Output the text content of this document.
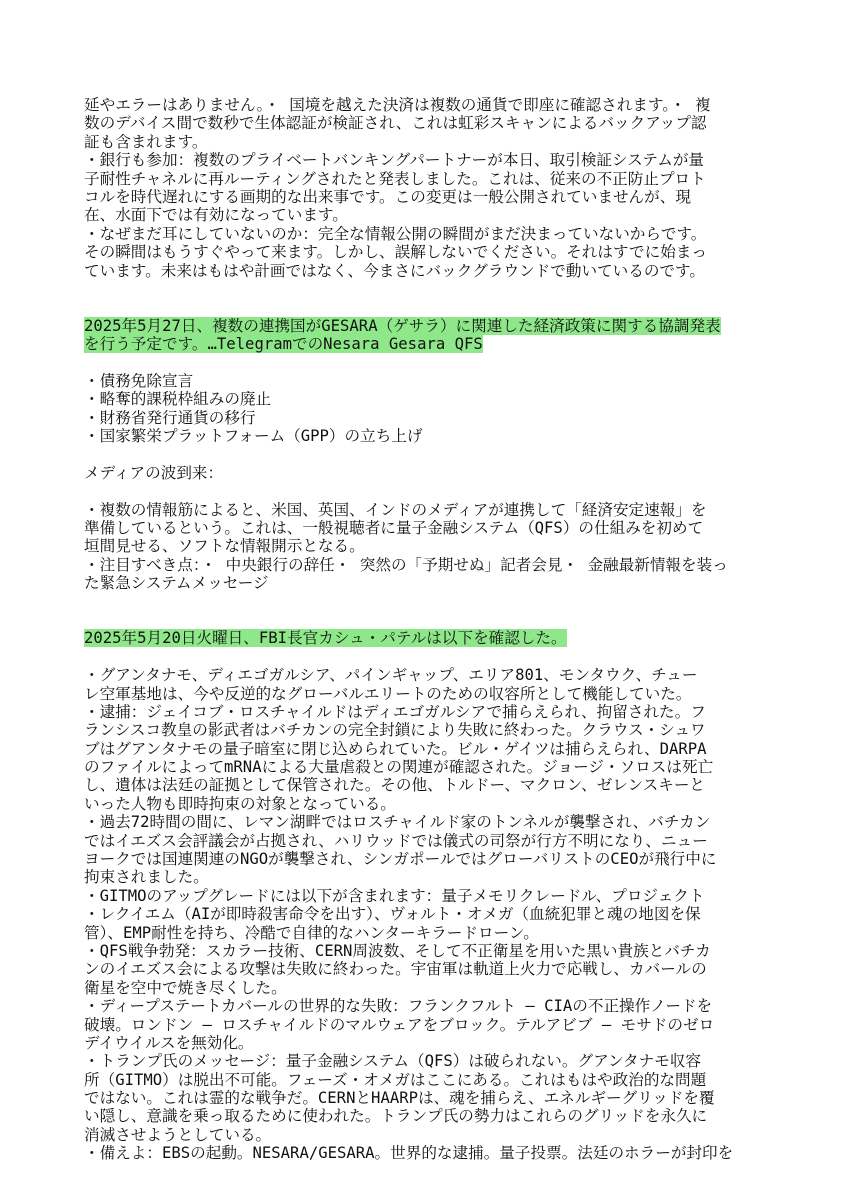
延やエラーはありません。・ 国境を越えた決済は複数の通貨で即座に確認されます。・ 複
数のデバイス間で数秒で生体認証が検証され、これは虹彩スキャンによるバックアップ認
証も含まれます。
・銀行も参加：複数のプライベートバンキングパートナーが本日、取引検証システムが量
子耐性チャネルに再ルーティングされたと発表しました。これは、従来の不正防止プロト
コルを時代遅れにする画期的な出来事です。この変更は一般公開されていませんが、現
在、水面下では有効になっています。
・なぜまだ耳にしていないのか：完全な情報公開の瞬間がまだ決まっていないからです。
その瞬間はもうすぐやって来ます。しかし、誤解しないでください。それはすでに始まっ
ています。未来はもはや計画ではなく、今まさにバックグラウンドで動いているのです。
2025年5月27日、複数の連携国がGESARA（ゲサラ）に関連した経済政策に関する協調発表
を行う予定です。…TelegramでのNesara Gesara QFS
・債務免除宣言
・略奪的課税枠組みの廃止
・財務省発行通貨の移行
・国家繁栄プラットフォーム（GPP）の立ち上げ
メディアの波到来：
・複数の情報筋によると、米国、英国、インドのメディアが連携して「経済安定速報」を
準備しているという。これは、一般視聴者に量子金融システム（QFS）の仕組みを初めて
垣間見せる、ソフトな情報開示となる。
・注目すべき点：・ 中央銀行の辞任・ 突然の「予期せぬ」記者会見・ 金融最新情報を装っ
た緊急システムメッセージ
2025年5月20日火曜日、FBI長官カシュ・パテルは以下を確認した。
・グアンタナモ、ディエゴガルシア、パインギャップ、エリア801、モンタウク、チュー
レ空軍基地は、今や反逆的なグローバルエリートのための収容所として機能していた。
・逮捕：ジェイコブ・ロスチャイルドはディエゴガルシアで捕らえられ、拘留された。フ
ランシスコ教皇の影武者はバチカンの完全封鎖により失敗に終わった。クラウス・シュワ
ブはグアンタナモの量子暗室に閉じ込められていた。ビル・ゲイツは捕らえられ、DARPA
のファイルによってmRNAによる大量虐殺との関連が確認された。ジョージ・ソロスは死亡
し、遺体は法廷の証拠として保管された。その他、トルドー、マクロン、ゼレンスキーと
いった人物も即時拘束の対象となっている。
・過去72時間の間に、レマン湖畔ではロスチャイルド家のトンネルが襲撃され、バチカン
ではイエズス会評議会が占拠され、ハリウッドでは儀式の司祭が行方不明になり、ニュー
ヨークでは国連関連のNGOが襲撃され、シンガポールではグローバリストのCEOが飛行中に
拘束されました。
・GITMOのアップグレードには以下が含まれます：量子メモリクレードル、プロジェクト
・レクイエム（AIが即時殺害命令を出す）、ヴォルト・オメガ（血統犯罪と魂の地図を保
管）、EMP耐性を持ち、冷酷で自律的なハンターキラードローン。
・QFS戦争勃発：スカラー技術、CERN周波数、そして不正衛星を用いた黒い貴族とバチカ
ンのイエズス会による攻撃は失敗に終わった。宇宙軍は軌道上火力で応戦し、カバールの
衛星を空中で焼き尽くした。
・ディープステートカバールの世界的な失敗：フランクフルト – CIAの不正操作ノードを
破壊。ロンドン – ロスチャイルドのマルウェアをブロック。テルアビブ – モサドのゼロ
デイウイルスを無効化。
・トランプ氏のメッセージ：量子金融システム（QFS）は破られない。グアンタナモ収容
所（GITMO）は脱出不可能。フェーズ・オメガはここにある。これはもはや政治的な問題
ではない。これは霊的な戦争だ。CERNとHAARPは、魂を捕らえ、エネルギーグリッドを覆
い隠し、意識を乗っ取るために使われた。トランプ氏の勢力はこれらのグリッドを永久に
消滅させようとしている。
・備えよ：EBSの起動。NESARA/GESARA。世界的な逮捕。量子投票。法廷のホラーが封印を
